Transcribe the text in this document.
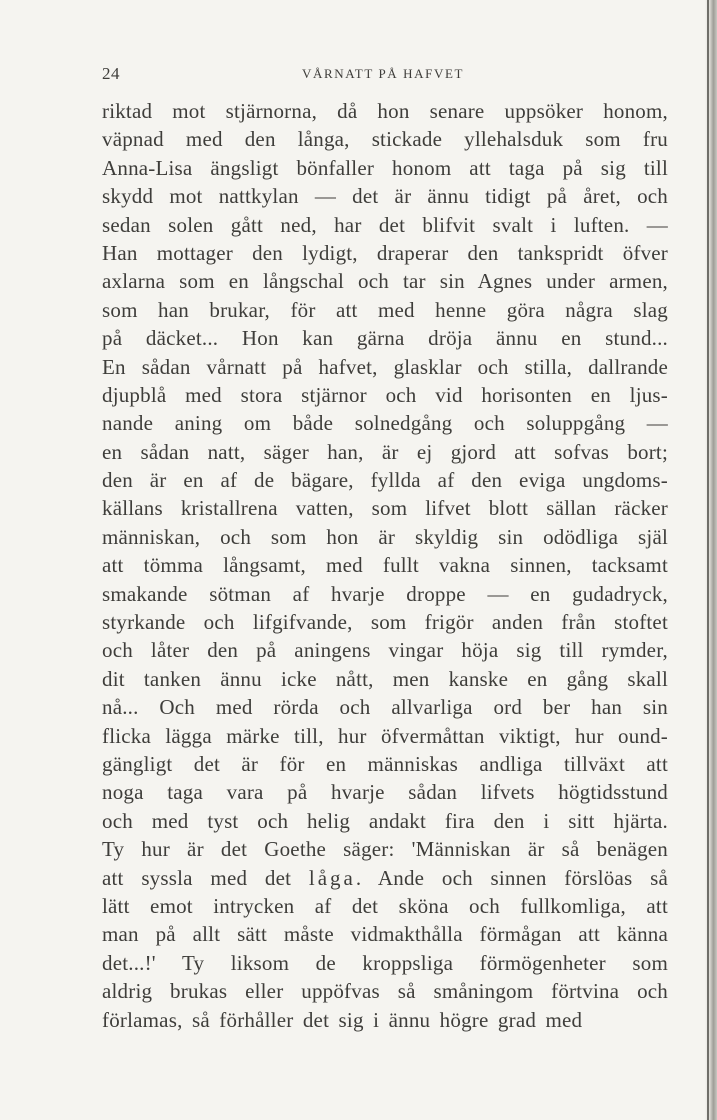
24	VÅRNATT PÅ HAFVET
riktad mot stjärnorna, då hon senare uppsöker honom,
väpnad med den långa, stickade yllehalsduk som fru
Anna-Lisa ängsligt bönfaller honom att taga på sig till
skydd mot nattkylan — det är ännu tidigt på året, och
sedan solen gått ned, har det blifvit svalt i luften. —
Han mottager den lydigt, draperar den tankspridt öfver
axlarna som en långschal och tar sin Agnes under armen,
som han brukar, för att med henne göra några slag
på däcket... Hon kan gärna dröja ännu en stund...
En sådan vårnatt på hafvet, glasklar och stilla, dallrande
djupblå med stora stjärnor och vid horisonten en ljus-
nande aning om både solnedgång och soluppgång —
en sådan natt, säger han, är ej gjord att sofvas bort;
den är en af de bägare, fyllda af den eviga ungdoms-
källans kristallrena vatten, som lifvet blott sällan räcker
människan, och som hon är skyldig sin odödliga själ
att tömma långsamt, med fullt vakna sinnen, tacksamt
smakande sötman af hvarje droppe — en gudadryck,
styrkande och lifgifvande, som frigör anden från stoftet
och låter den på aningens vingar höja sig till rymder,
dit tanken ännu icke nått, men kanske en gång skall
nå... Och med rörda och allvarliga ord ber han sin
flicka lägga märke till, hur öfvermåttan viktigt, hur ound-
gängligt det är för en människas andliga tillväxt att
noga taga vara på hvarje sådan lifvets högtidsstund
och med tyst och helig andakt fira den i sitt hjärta.
Ty hur är det Goethe säger: 'Människan är så benägen
att syssla med det låga. Ande och sinnen förslöas så
lätt emot intrycken af det sköna och fullkomliga, att
man på allt sätt måste vidmakthålla förmågan att känna
det...!' Ty liksom de kroppsliga förmögenheter som
aldrig brukas eller uppöfvas så småningom förtvina och
förlamas, så förhåller det sig i ännu högre grad med
